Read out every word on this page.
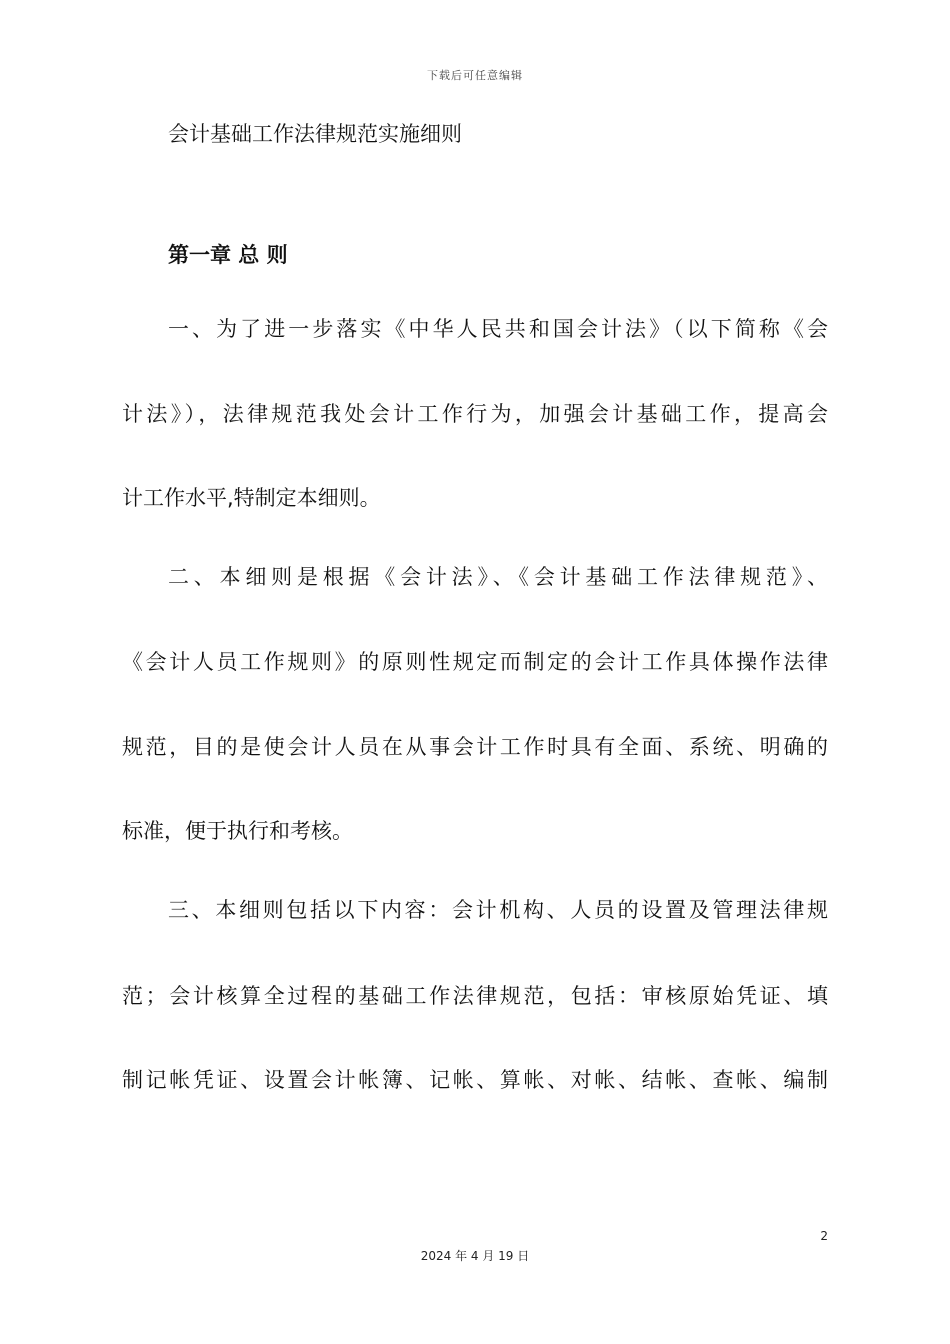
下载后可任意编辑
会计基础工作法律规范实施细则
第一章 总 则
一、为了进一步落实《中华人民共和国会计法》（以下简称《会
计法》），法律规范我处会计工作行为，加强会计基础工作，提高会
计工作水平,特制定本细则。
二、本细则是根据《会计法》、《会计基础工作法律规范》、
《会计人员工作规则》的原则性规定而制定的会计工作具体操作法律
规范，目的是使会计人员在从事会计工作时具有全面、系统、明确的
标准，便于执行和考核。
三、本细则包括以下内容：会计机构、人员的设置及管理法律规
范；会计核算全过程的基础工作法律规范，包括：审核原始凭证、填
制记帐凭证、设置会计帐簿、记帐、算帐、对帐、结帐、查帐、编制
2
2024 年 4 月 19 日
